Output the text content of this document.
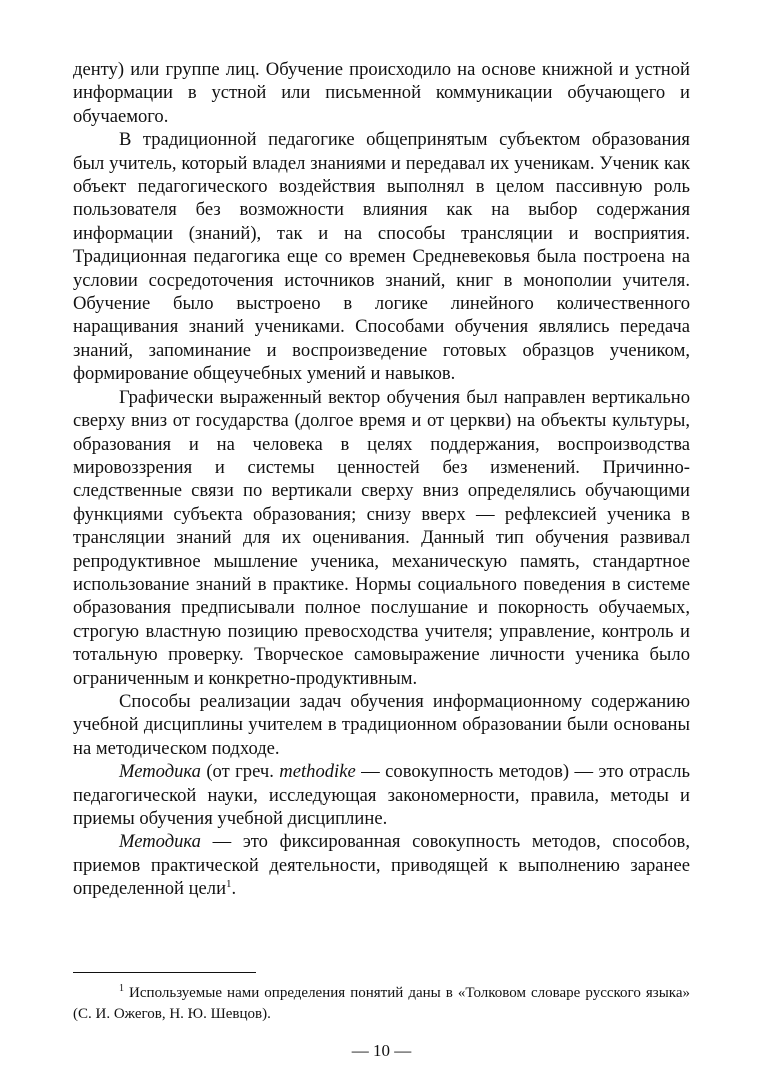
денту) или группе лиц. Обучение происходило на основе книжной и устной информации в устной или письменной коммуникации обучающего и обучаемого.

В традиционной педагогике общепринятым субъектом образования был учитель, который владел знаниями и передавал их ученикам. Ученик как объект педагогического воздействия выполнял в целом пассивную роль пользователя без возможности влияния как на выбор содержания информации (знаний), так и на способы трансляции и восприятия. Традиционная педагогика еще со времен Средневековья была построена на условии сосредоточения источников знаний, книг в монополии учителя. Обучение было выстроено в логике линейного количественного наращивания знаний учениками. Способами обучения являлись передача знаний, запоминание и воспроизведение готовых образцов учеником, формирование общеучебных умений и навыков.

Графически выраженный вектор обучения был направлен вертикально сверху вниз от государства (долгое время и от церкви) на объекты культуры, образования и на человека в целях поддержания, воспроизводства мировоззрения и системы ценностей без изменений. Причинно-следственные связи по вертикали сверху вниз определялись обучающими функциями субъекта образования; снизу вверх — рефлексией ученика в трансляции знаний для их оценивания. Данный тип обучения развивал репродуктивное мышление ученика, механическую память, стандартное использование знаний в практике. Нормы социального поведения в системе образования предписывали полное послушание и покорность обучаемых, строгую властную позицию превосходства учителя; управление, контроль и тотальную проверку. Творческое самовыражение личности ученика было ограниченным и конкретно-продуктивным.

Способы реализации задач обучения информационному содержанию учебной дисциплины учителем в традиционном образовании были основаны на методическом подходе.

Методика (от греч. methodike — совокупность методов) — это отрасль педагогической науки, исследующая закономерности, правила, методы и приемы обучения учебной дисциплине.

Методика — это фиксированная совокупность методов, способов, приемов практической деятельности, приводящей к выполнению заранее определенной цели$^1$.

$^1$ Используемые нами определения понятий даны в «Толковом словаре русского языка» (С. И. Ожегов, Н. Ю. Шевцов).

— 10 —
